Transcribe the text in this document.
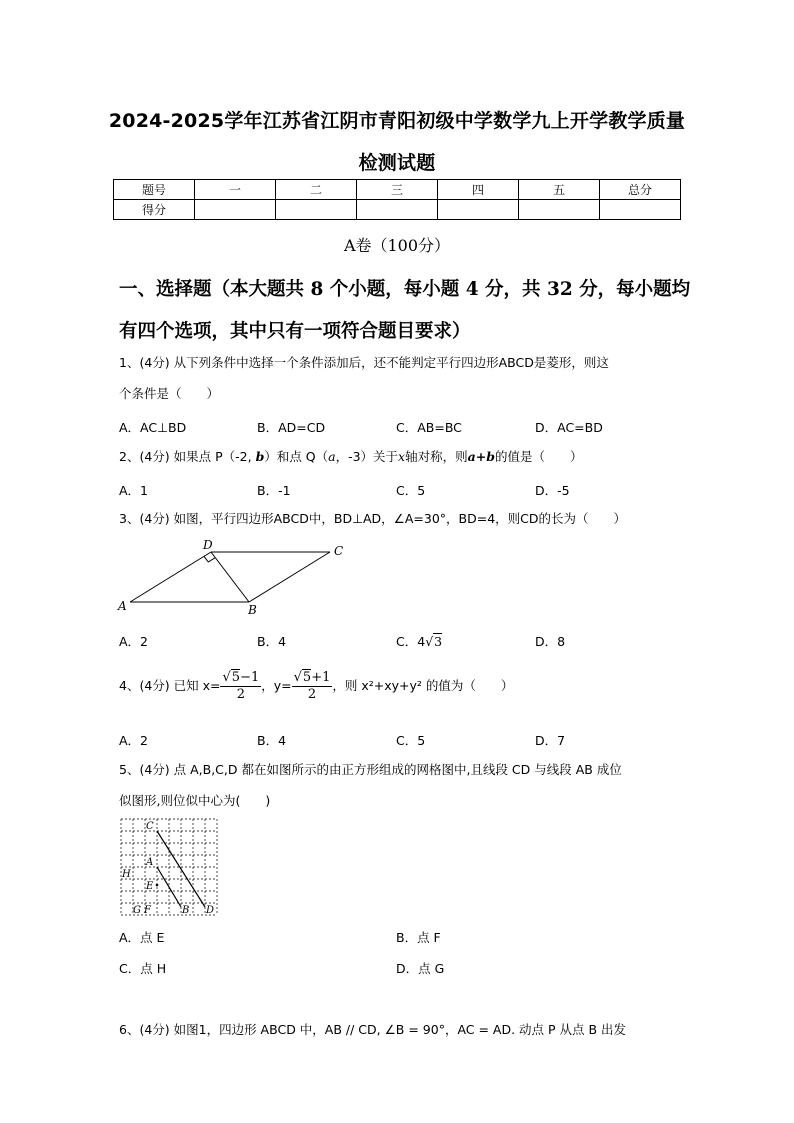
2024-2025学年江苏省江阴市青阳初级中学数学九上开学教学质量
检测试题
题号	一	二	三	四	五	总分
得分						
A卷（100分）
一、选择题（本大题共 8 个小题，每小题 4 分，共 32 分，每小题均
有四个选项，其中只有一项符合题目要求）
1、(4分) 从下列条件中选择一个条件添加后，还不能判定平行四边形ABCD是菱形，则这
个条件是（　　）
A．AC⊥BD	B．AD=CD	C．AB=BC	D．AC=BD
2、(4分) 如果点 P（-2, b）和点 Q（a，-3）关于x轴对称，则a+b的值是（　　）
A．1	B．-1	C．5	D．-5
3、(4分) 如图，平行四边形ABCD中，BD⊥AD，∠A=30°，BD=4，则CD的长为（　　）
A
D	C
B
A．2	B．4	C．4√3	D．8
4、(4分) 已知 $x= \frac{√5-1}{2}$ ，$y= \frac{√5+1}{2}$ ，则 x²+xy+y² 的值为（　　）
A．2	B．4	C．5	D．7
5、(4分) 点 A,B,C,D 都在如图所示的由正方形组成的网格图中,且线段 CD 与线段 AB 成位
似图形,则位似中心为(　　)
C
A
E
H
G F	B D
A．点 E	B．点 F
C．点 H	D．点 G
6、(4分) 如图1，四边形 ABCD 中，AB // CD, ∠B = 90°，AC = AD. 动点 P 从点 B 出发
